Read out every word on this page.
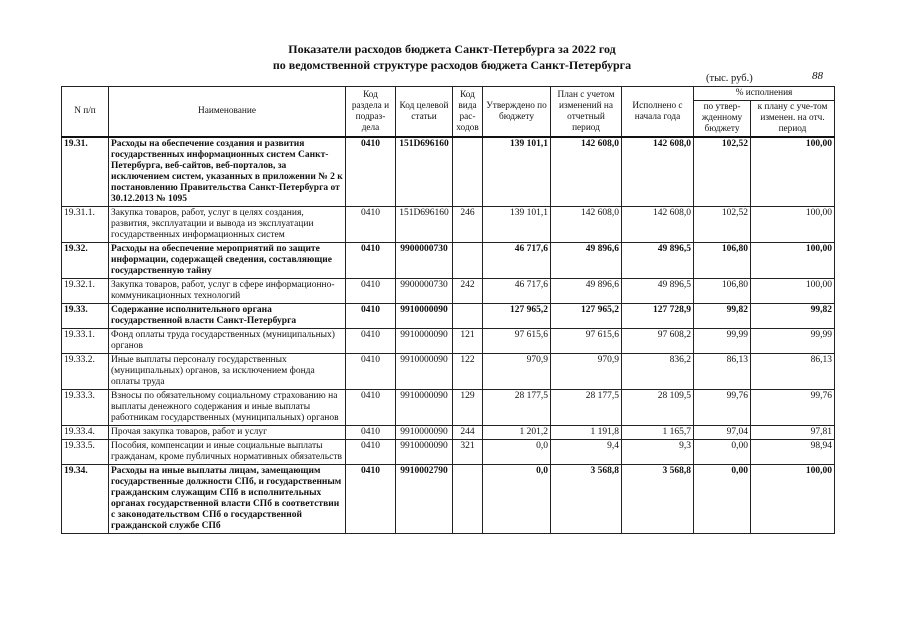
Показатели расходов бюджета Санкт-Петербурга за 2022 год
по ведомственной структуре расходов бюджета Санкт-Петербурга
(тыс. руб.)	88
N п/п	Наименование	Код раздела и подраз-дела	Код целевой статьи	Код вида рас-ходов	Утверждено по бюджету	План с учетом изменений на отчетный период	Исполнено с начала года	% исполнения	
								по утвер-жденному бюджету	к плану с уче-том изменен. на отч. период
19.31.	Расходы на обеспечение создания и развития государственных информационных систем Санкт-Петербурга, веб-сайтов, веб-порталов, за исключением систем, указанных в приложении № 2 к постановлению Правительства Санкт-Петербурга от 30.12.2013 № 1095	0410	151D696160		139 101,1	142 608,0	142 608,0	102,52	100,00
19.31.1.	Закупка товаров, работ, услуг в целях создания, развития, эксплуатации и вывода из эксплуатации государственных информационных систем	0410	151D696160	246	139 101,1	142 608,0	142 608,0	102,52	100,00
19.32.	Расходы на обеспечение мероприятий по защите информации, содержащей сведения, составляющие государственную тайну	0410	9900000730		46 717,6	49 896,6	49 896,5	106,80	100,00
19.32.1.	Закупка товаров, работ, услуг в сфере информационно-коммуникационных технологий	0410	9900000730	242	46 717,6	49 896,6	49 896,5	106,80	100,00
19.33.	Содержание исполнительного органа государственной власти Санкт-Петербурга	0410	9910000090		127 965,2	127 965,2	127 728,9	99,82	99,82
19.33.1.	Фонд оплаты труда государственных (муниципальных) органов	0410	9910000090	121	97 615,6	97 615,6	97 608,2	99,99	99,99
19.33.2.	Иные выплаты персоналу государственных (муниципальных) органов, за исключением фонда оплаты труда	0410	9910000090	122	970,9	970,9	836,2	86,13	86,13
19.33.3.	Взносы по обязательному социальному страхованию на выплаты денежного содержания и иные выплаты работникам государственных (муниципальных) органов	0410	9910000090	129	28 177,5	28 177,5	28 109,5	99,76	99,76
19.33.4.	Прочая закупка товаров, работ и услуг	0410	9910000090	244	1 201,2	1 191,8	1 165,7	97,04	97,81
19.33.5.	Пособия, компенсации и иные социальные выплаты гражданам, кроме публичных нормативных обязательств	0410	9910000090	321	0,0	9,4	9,3	0,00	98,94
19.34.	Расходы на иные выплаты лицам, замещающим государственные должности СПб, и государственным гражданским служащим СПб в исполнительных органах государственной власти СПб в соответствии с законодательством СПб о государственной гражданской службе СПб	0410	9910002790		0,0	3 568,8	3 568,8	0,00	100,00
